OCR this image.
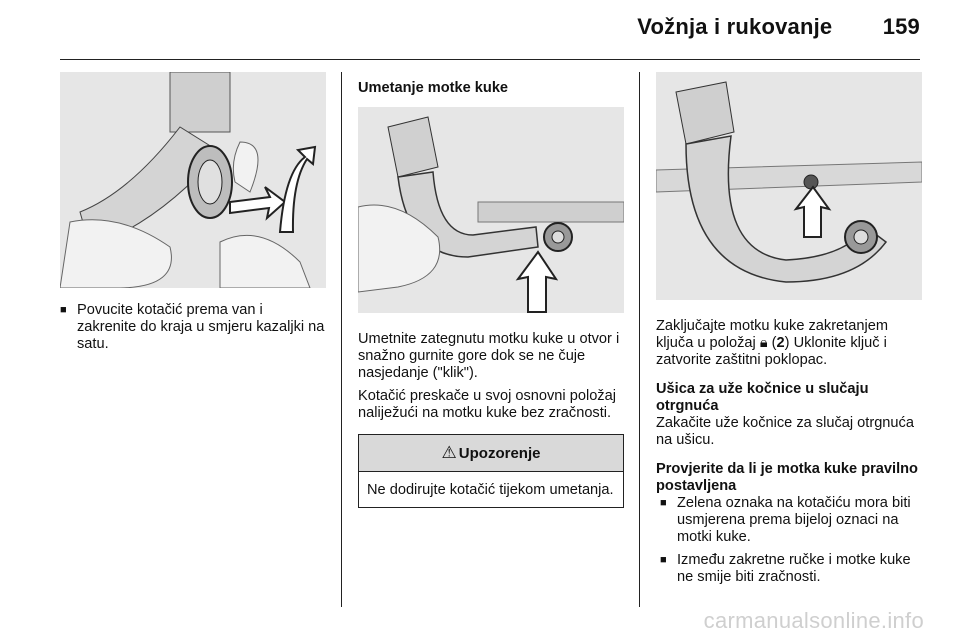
Vožnja i rukovanje 159

■ Povucite kotačić prema van i zakrenite do kraja u smjeru kazaljki na satu.

Umetanje motke kuke

Umetnite zategnutu motku kuke u otvor i snažno gurnite gore dok se ne čuje nasjedanje ("klik").

Kotačić preskače u svoj osnovni položaj naliježući na motku kuke bez zračnosti.

⚠ Upozorenje

Ne dodirujte kotačić tijekom umetanja.

Zaključajte motku kuke zakretanjem ključa u položaj 🔒︎ (2) Uklonite ključ i zatvorite zaštitni poklopac.

Ušica za uže kočnice u slučaju otrgnuća

Zakačite uže kočnice za slučaj otrgnuća na ušicu.

Provjerite da li je motka kuke pravilno postavljena

■ Zelena oznaka na kotačiću mora biti usmjerena prema bijeloj oznaci na motki kuke.

■ Između zakretne ručke i motke kuke ne smije biti zračnosti.

carmanualsonline.info
